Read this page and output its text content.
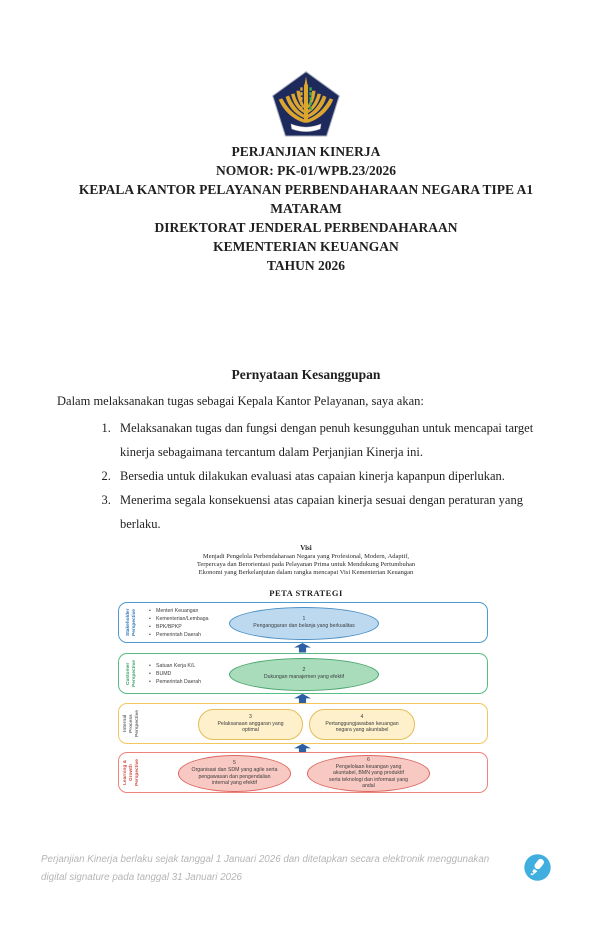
PERJANJIAN KINERJA
NOMOR: PK-01/WPB.23/2026
KEPALA KANTOR PELAYANAN PERBENDAHARAAN NEGARA TIPE A1
MATARAM
DIREKTORAT JENDERAL PERBENDAHARAAN
KEMENTERIAN KEUANGAN
TAHUN 2026
Pernyataan Kesanggupan
Dalam melaksanakan tugas sebagai Kepala Kantor Pelayanan, saya akan:
1. Melaksanakan tugas dan fungsi dengan penuh kesungguhan untuk mencapai target kinerja sebagaimana tercantum dalam Perjanjian Kinerja ini.
2. Bersedia untuk dilakukan evaluasi atas capaian kinerja kapanpun diperlukan.
3. Menerima segala konsekuensi atas capaian kinerja sesuai dengan peraturan yang berlaku.
Visi
Menjadi Pengelola Perbendaharaan Negara yang Profesional, Modern, Adaptif,
Terpercaya dan Berorientasi pada Pelayanan Prima untuk Mendukung Pertumbuhan
Ekonomi yang Berkelanjutan dalam rangka mencapai Visi Kementerian Keuangan
PETA STRATEGI
Stakeholder Perspective	• Menteri Keuangan
• Kementerian/Lembaga
• BPK/BPKP
• Pemerintah Daerah
1
Penganggaran dan belanja yang berkualitas
Customer Perspective	• Satuan Kerja K/L
• BUMD
• Pemerintah Daerah
2
Dukungan manajemen yang efektif
Internal Process Perspective	3
Pelaksanaan anggaran yang optimal
4
Pertanggungjawaban keuangan negara yang akuntabel
Learning & Growth Perspective	5
Organisasi dan SDM yang agile serta pengawasan dan pengendalian internal yang efektif
6
Pengelolaan keuangan yang akuntabel, BMN yang produktif serta teknologi dan informasi yang andal
Perjanjian Kinerja berlaku sejak tanggal 1 Januari 2026 dan ditetapkan secara elektronik menggunakan
digital signature pada tanggal 31 Januari 2026
